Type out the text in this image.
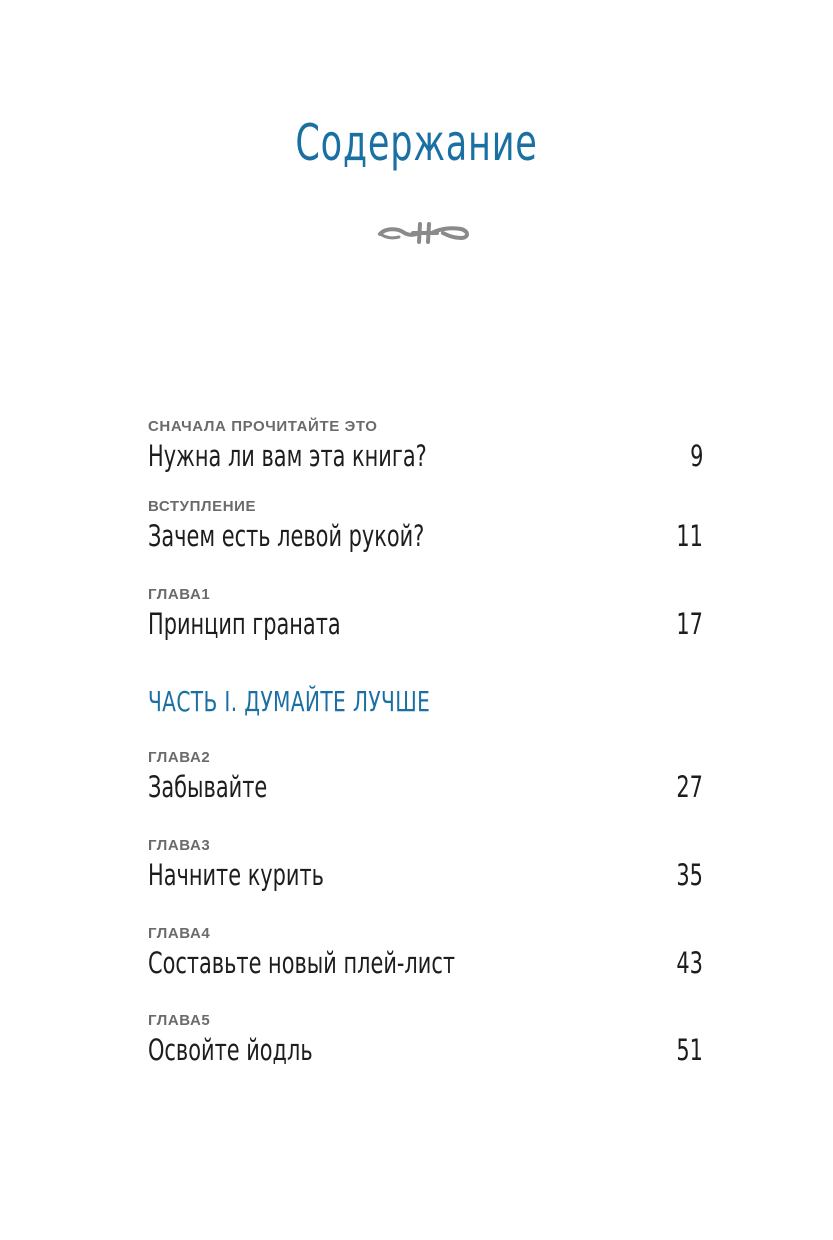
Содержание
СНАЧАЛА ПРОЧИТАЙТЕ ЭТО
Нужна ли вам эта книга?	9
ВСТУПЛЕНИЕ
Зачем есть левой рукой?	11
ГЛАВА1
Принцип граната	17
ЧАСТЬ I. ДУМАЙТЕ ЛУЧШЕ
ГЛАВА2
Забывайте	27
ГЛАВА3
Начните курить	35
ГЛАВА4
Составьте новый плей-лист	43
ГЛАВА5
Освойте йодль	51
